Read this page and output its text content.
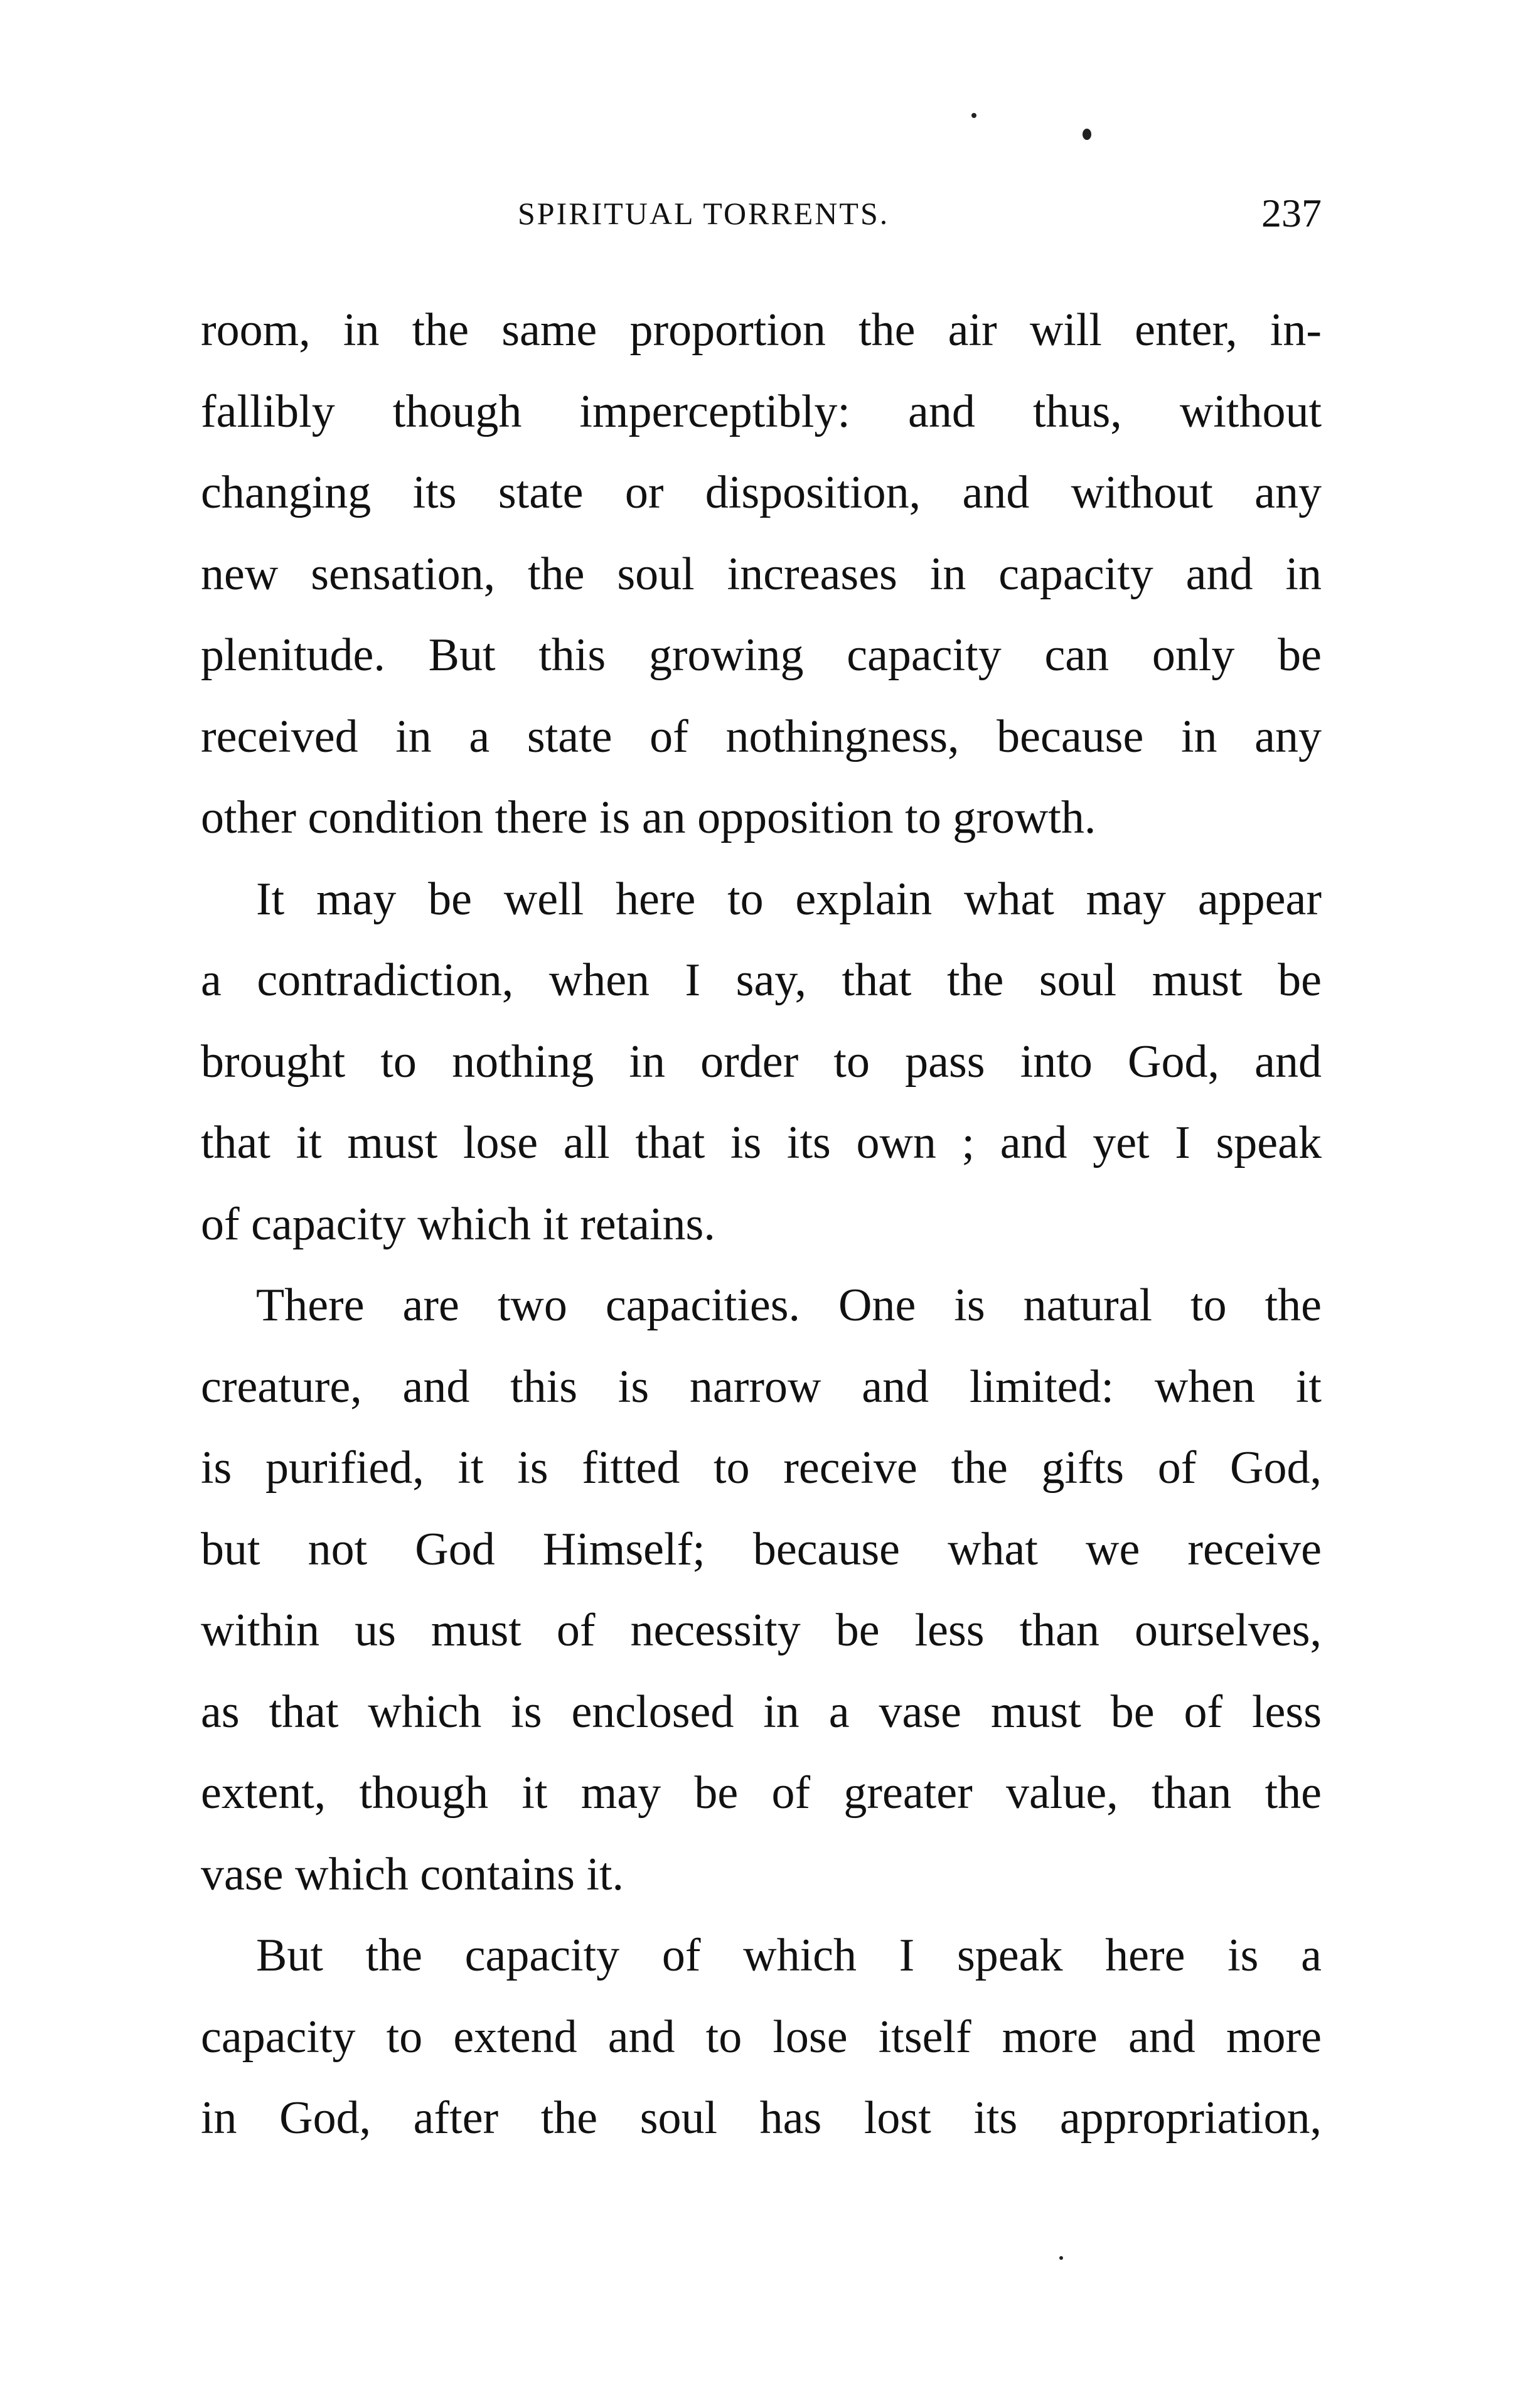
SPIRITUAL TORRENTS.	237
room, in the same proportion the air will enter, in-
fallibly though imperceptibly: and thus, without
changing its state or disposition, and without any
new sensation, the soul increases in capacity and in
plenitude. But this growing capacity can only be
received in a state of nothingness, because in any
other condition there is an opposition to growth.
It may be well here to explain what may appear
a contradiction, when I say, that the soul must be
brought to nothing in order to pass into God, and
that it must lose all that is its own ; and yet I speak
of capacity which it retains.
There are two capacities. One is natural to the
creature, and this is narrow and limited: when it
is purified, it is fitted to receive the gifts of God,
but not God Himself; because what we receive
within us must of necessity be less than ourselves,
as that which is enclosed in a vase must be of less
extent, though it may be of greater value, than the
vase which contains it.
But the capacity of which I speak here is a
capacity to extend and to lose itself more and more
in God, after the soul has lost its appropriation,
